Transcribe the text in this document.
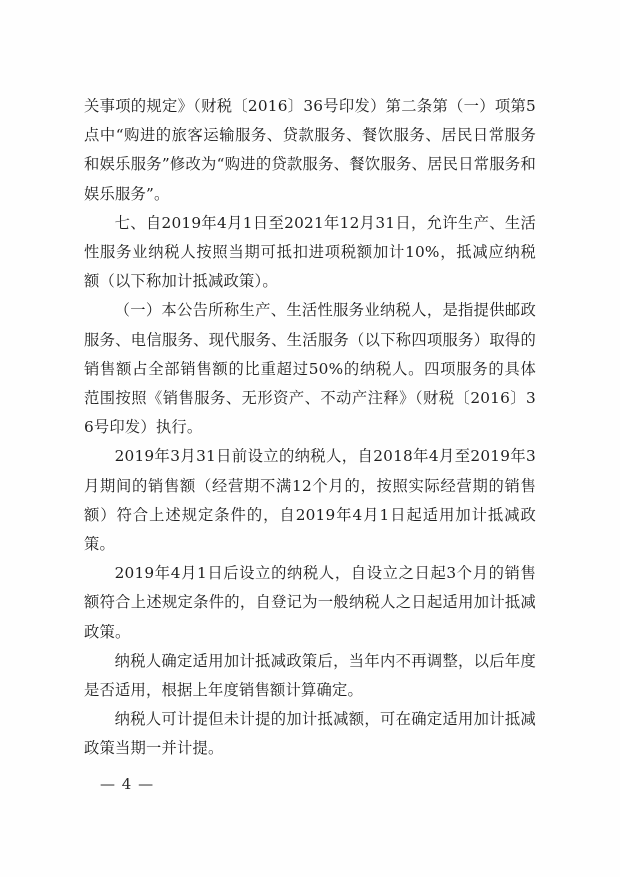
关事项的规定》（财税〔2016〕36号印发）第二条第（一）项第5点中“购进的旅客运输服务、贷款服务、餐饮服务、居民日常服务和娱乐服务”修改为“购进的贷款服务、餐饮服务、居民日常服务和娱乐服务”。

七、自2019年4月1日至2021年12月31日，允许生产、生活性服务业纳税人按照当期可抵扣进项税额加计10%，抵减应纳税额（以下称加计抵减政策）。

（一）本公告所称生产、生活性服务业纳税人，是指提供邮政服务、电信服务、现代服务、生活服务（以下称四项服务）取得的销售额占全部销售额的比重超过50%的纳税人。四项服务的具体范围按照《销售服务、无形资产、不动产注释》（财税〔2016〕36号印发）执行。

2019年3月31日前设立的纳税人，自2018年4月至2019年3月期间的销售额（经营期不满12个月的，按照实际经营期的销售额）符合上述规定条件的，自2019年4月1日起适用加计抵减政策。

2019年4月1日后设立的纳税人，自设立之日起3个月的销售额符合上述规定条件的，自登记为一般纳税人之日起适用加计抵减政策。

纳税人确定适用加计抵减政策后，当年内不再调整，以后年度是否适用，根据上年度销售额计算确定。

纳税人可计提但未计提的加计抵减额，可在确定适用加计抵减政策当期一并计提。

— 4 —
